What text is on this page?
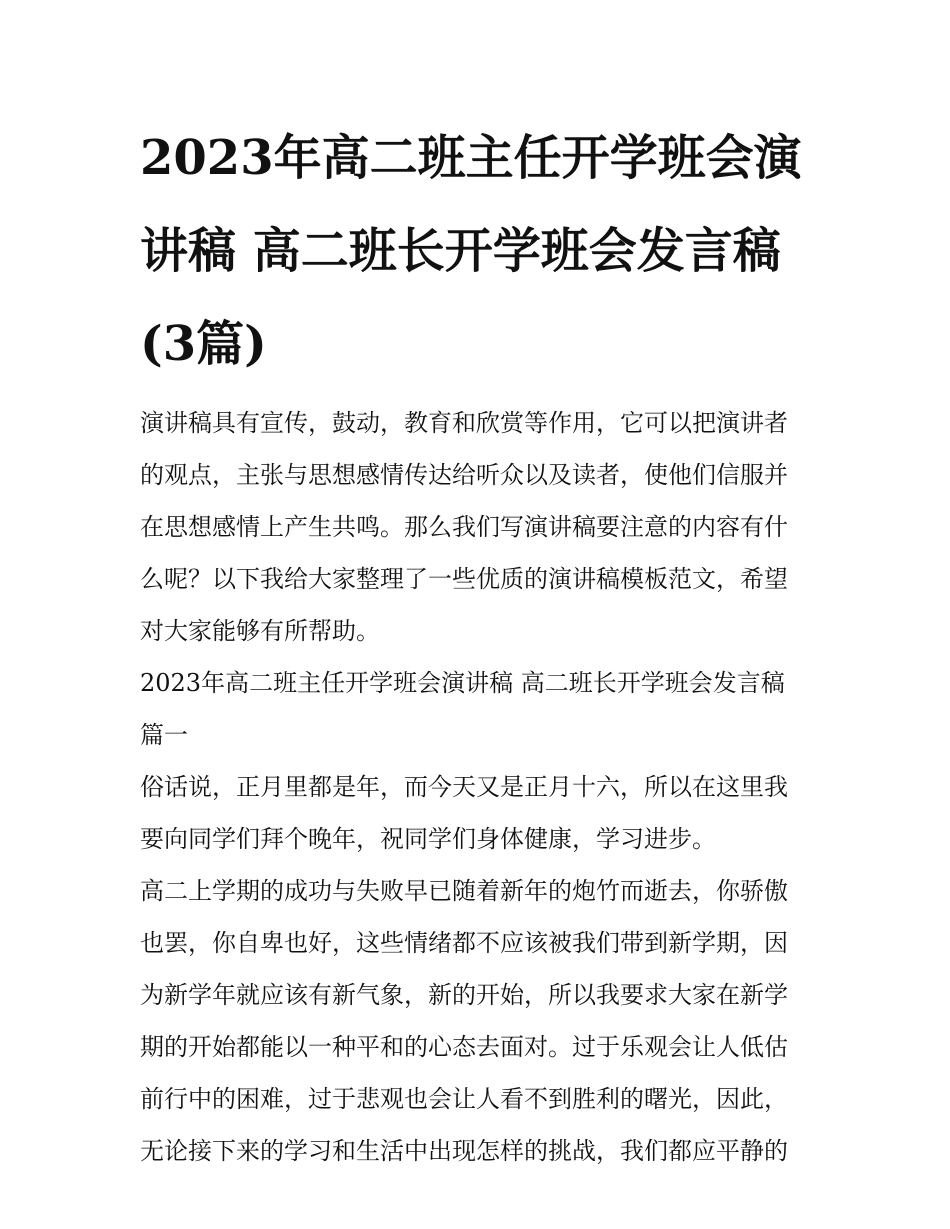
2023年高二班主任开学班会演
讲稿 高二班长开学班会发言稿
(3篇)

演讲稿具有宣传，鼓动，教育和欣赏等作用，它可以把演讲者
的观点，主张与思想感情传达给听众以及读者，使他们信服并
在思想感情上产生共鸣。那么我们写演讲稿要注意的内容有什
么呢？以下我给大家整理了一些优质的演讲稿模板范文，希望
对大家能够有所帮助。

2023年高二班主任开学班会演讲稿 高二班长开学班会发言稿
篇一

俗话说，正月里都是年，而今天又是正月十六，所以在这里我
要向同学们拜个晚年，祝同学们身体健康，学习进步。

高二上学期的成功与失败早已随着新年的炮竹而逝去，你骄傲
也罢，你自卑也好，这些情绪都不应该被我们带到新学期，因
为新学年就应该有新气象，新的开始，所以我要求大家在新学
期的开始都能以一种平和的心态去面对。过于乐观会让人低估
前行中的困难，过于悲观也会让人看不到胜利的曙光，因此，
无论接下来的学习和生活中出现怎样的挑战，我们都应平静的
